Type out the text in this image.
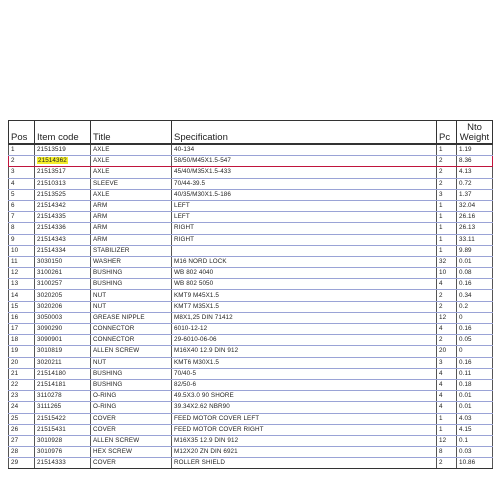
Pos	Item code	Title	Specification	Pc	Nto
Weight
1	21513519	AXLE	40-134	1	1.19
2	21514362	AXLE	58/50/M45X1.5-547	2	8.36
3	21513517	AXLE	45/40/M35X1.5-433	2	4.13
4	21510313	SLEEVE	70/44-39.5	2	0.72
5	21513525	AXLE	40/35/M30X1.5-186	3	1.37
6	21514342	ARM	LEFT	1	32.04
7	21514335	ARM	LEFT	1	26.16
8	21514336	ARM	RIGHT	1	26.13
9	21514343	ARM	RIGHT	1	33.11
10	21514334	STABILIZER		1	9.89
11	3030150	WASHER	M16 NORD LOCK	32	0.01
12	3100261	BUSHING	WB 802 4040	10	0.08
13	3100257	BUSHING	WB 802 5050	4	0.16
14	3020205	NUT	KMT9 M45X1.5	2	0.34
15	3020206	NUT	KMT7 M35X1.5	2	0.2
16	3050003	GREASE NIPPLE	M8X1,25 DIN 71412	12	0
17	3090290	CONNECTOR	6010-12-12	4	0.16
18	3090901	CONNECTOR	29-6010-06-06	2	0.05
19	3010819	ALLEN SCREW	M16X40 12.9 DIN 912	20	0
20	3020211	NUT	KMT6 M30X1.5	3	0.16
21	21514180	BUSHING	70/40-5	4	0.11
22	21514181	BUSHING	82/50-6	4	0.18
23	3110278	O-RING	49.5X3.0 90 SHORE	4	0.01
24	3111265	O-RING	39.34X2.62 NBR90	4	0.01
25	21515422	COVER	FEED MOTOR COVER LEFT	1	4.03
26	21515431	COVER	FEED MOTOR COVER RIGHT	1	4.15
27	3010928	ALLEN SCREW	M16X35 12.9 DIN 912	12	0.1
28	3010976	HEX SCREW	M12X20 ZN DIN 6921	8	0.03
29	21514333	COVER	ROLLER SHIELD	2	10.86
